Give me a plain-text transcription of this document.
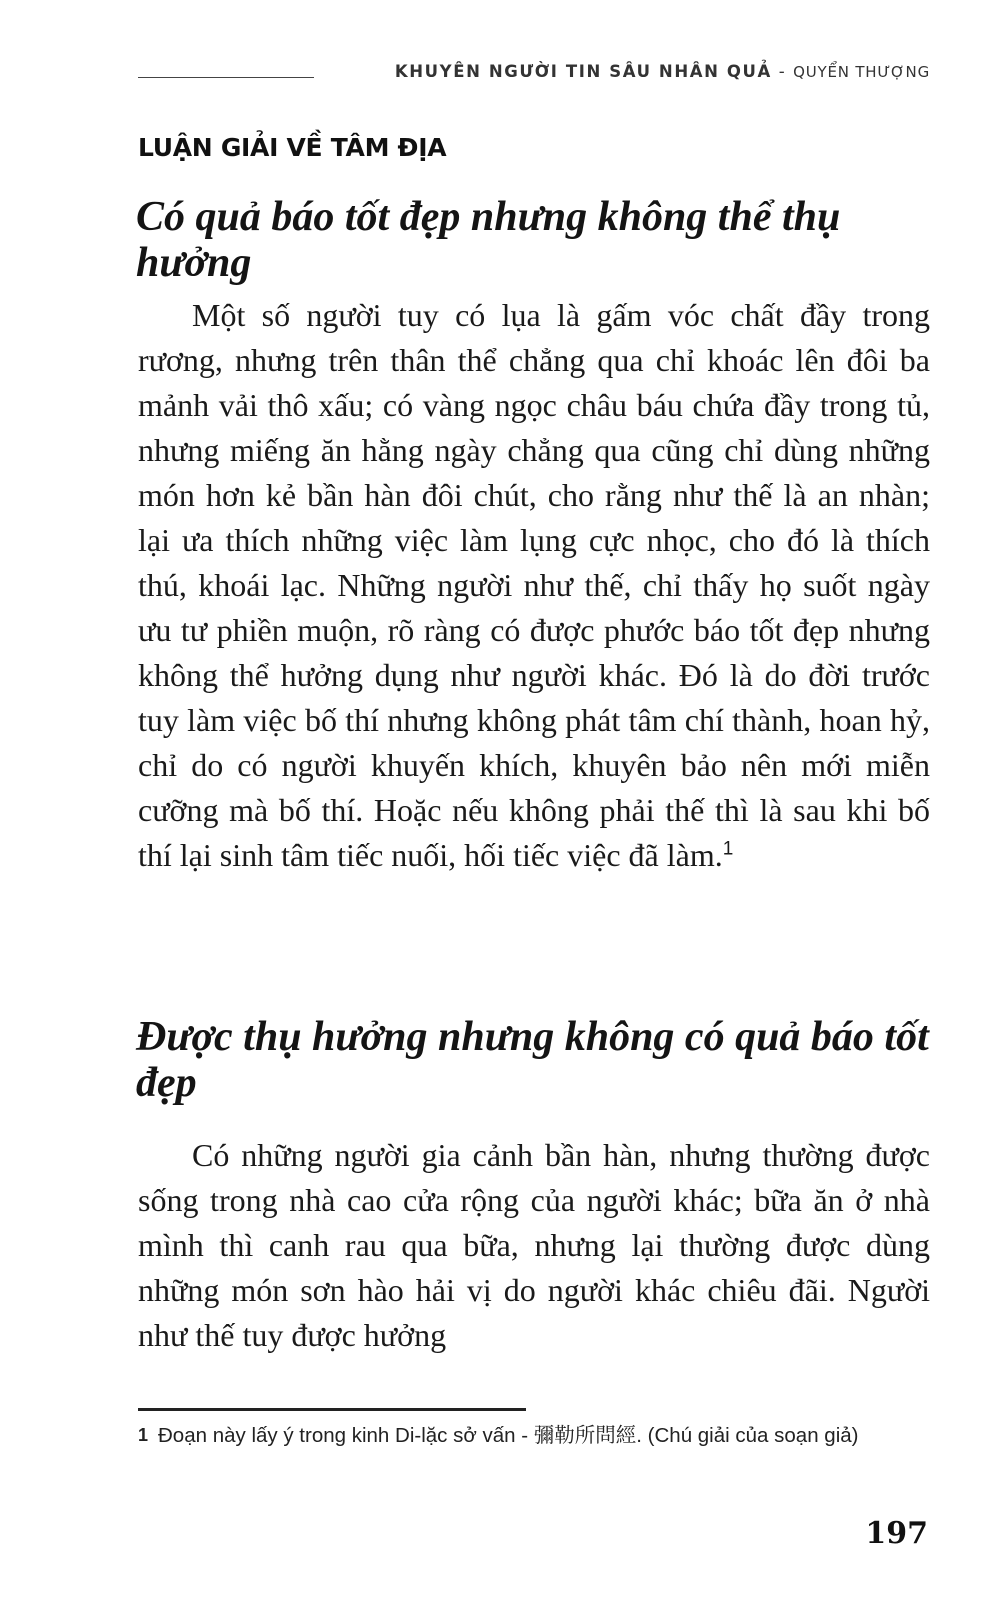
KHUYÊN NGƯỜI TIN SÂU NHÂN QUẢ - QUYỂN THƯỢNG
LUẬN GIẢI VỀ TÂM ĐỊA
Có quả báo tốt đẹp nhưng không thể thụ hưởng

Một số người tuy có lụa là gấm vóc chất đầy trong rương, nhưng trên thân thể chẳng qua chỉ khoác lên đôi ba mảnh vải thô xấu; có vàng ngọc châu báu chứa đầy trong tủ, nhưng miếng ăn hằng ngày chẳng qua cũng chỉ dùng những món hơn kẻ bần hàn đôi chút, cho rằng như thế là an nhàn; lại ưa thích những việc làm lụng cực nhọc, cho đó là thích thú, khoái lạc. Những người như thế, chỉ thấy họ suốt ngày ưu tư phiền muộn, rõ ràng có được phước báo tốt đẹp nhưng không thể hưởng dụng như người khác. Đó là do đời trước tuy làm việc bố thí nhưng không phát tâm chí thành, hoan hỷ, chỉ do có người khuyến khích, khuyên bảo nên mới miễn cưỡng mà bố thí. Hoặc nếu không phải thế thì là sau khi bố thí lại sinh tâm tiếc nuối, hối tiếc việc đã làm.$^1$

Được thụ hưởng nhưng không có quả báo tốt đẹp

Có những người gia cảnh bần hàn, nhưng thường được sống trong nhà cao cửa rộng của người khác; bữa ăn ở nhà mình thì canh rau qua bữa, nhưng lại thường được dùng những món sơn hào hải vị do người khác chiêu đãi. Người như thế tuy được hưởng

1 Đoạn này lấy ý trong kinh Di-lặc sở vấn - 彌勒所問經. (Chú giải của soạn giả)
197
